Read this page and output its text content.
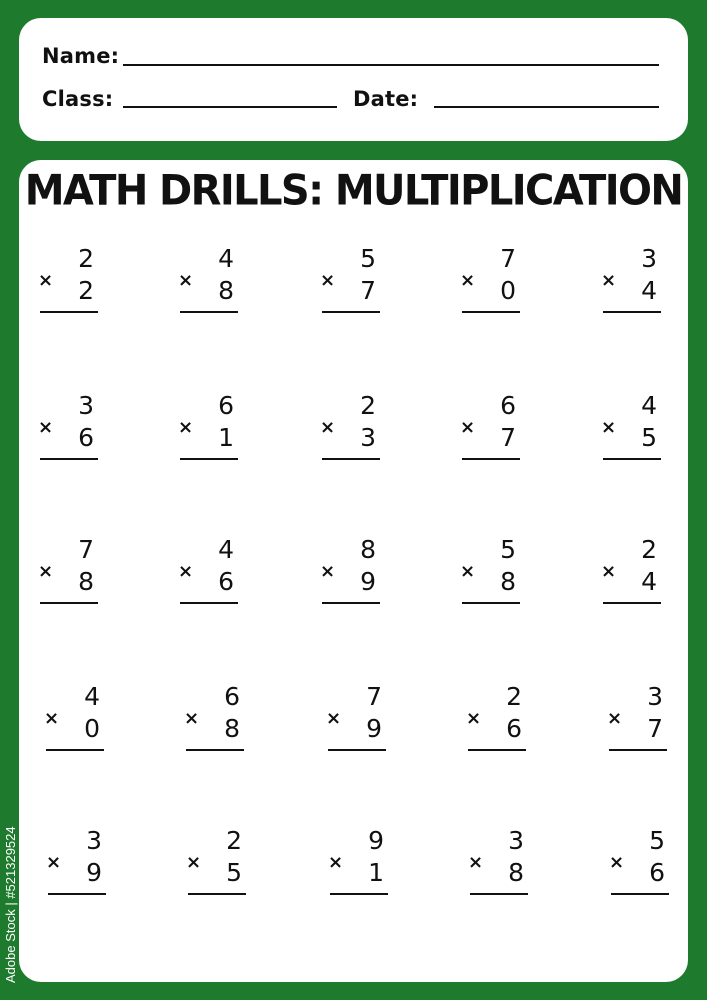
Name:
Class:	Date:
MATH DRILLS: MULTIPLICATION
2
× 2
4
× 8
5
× 7
7
× 0
3
× 4
3
× 6
6
× 1
2
× 3
6
× 7
4
× 5
7
× 8
4
× 6
8
× 9
5
× 8
2
× 4
4
× 0
6
× 8
7
× 9
2
× 6
3
× 7
3
× 9
2
× 5
9
× 1
3
× 8
5
× 6
Adobe Stock | #521329524
